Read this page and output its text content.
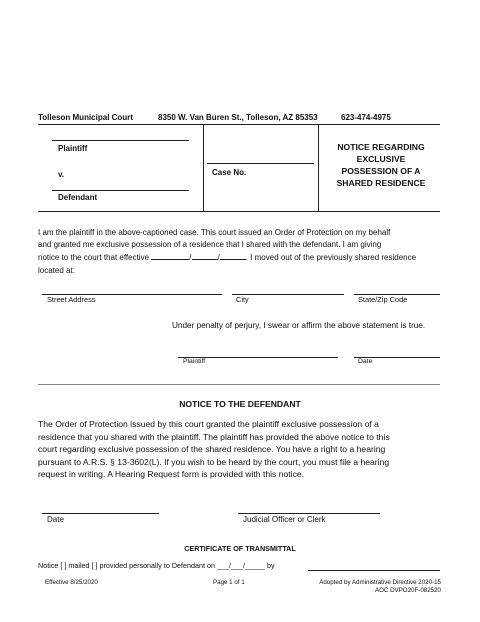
Tolleson Municipal Court	8350 W. Van Buren St., Tolleson, AZ 85353	623-474-4975
Plaintiff
v.
Defendant
Case No.
NOTICE REGARDING
EXCLUSIVE
POSSESSION OF A
SHARED RESIDENCE
I am the plaintiff in the above-captioned case. This court issued an Order of Protection on my behalf
and granted me exclusive possession of a residence that I shared with the defendant. I am giving
notice to the court that effective	/	/	. I moved out of the previously shared residence
located at:
Street Address	City	State/Zip Code
Under penalty of perjury, I swear or affirm the above statement is true.
Plaintiff	Date
NOTICE TO THE DEFENDANT
The Order of Protection issued by this court granted the plaintiff exclusive possession of a
residence that you shared with the plaintiff. The plaintiff has provided the above notice to this
court regarding exclusive possession of the shared residence. You have a right to a hearing
pursuant to A.R.S. § 13-3602(L). If you wish to be heard by the court, you must file a hearing
request in writing. A Hearing Request form is provided with this notice.
Date	Judicial Officer or Clerk
CERTIFICATE OF TRANSMITTAL
Notice [ ] mailed [ ] provided personally to Defendant on ___/___/_____ by
Effective 8/25/2020	Page 1 of 1	Adopted by Administrative Directive 2020-15
AOC DVPO20F-082520
